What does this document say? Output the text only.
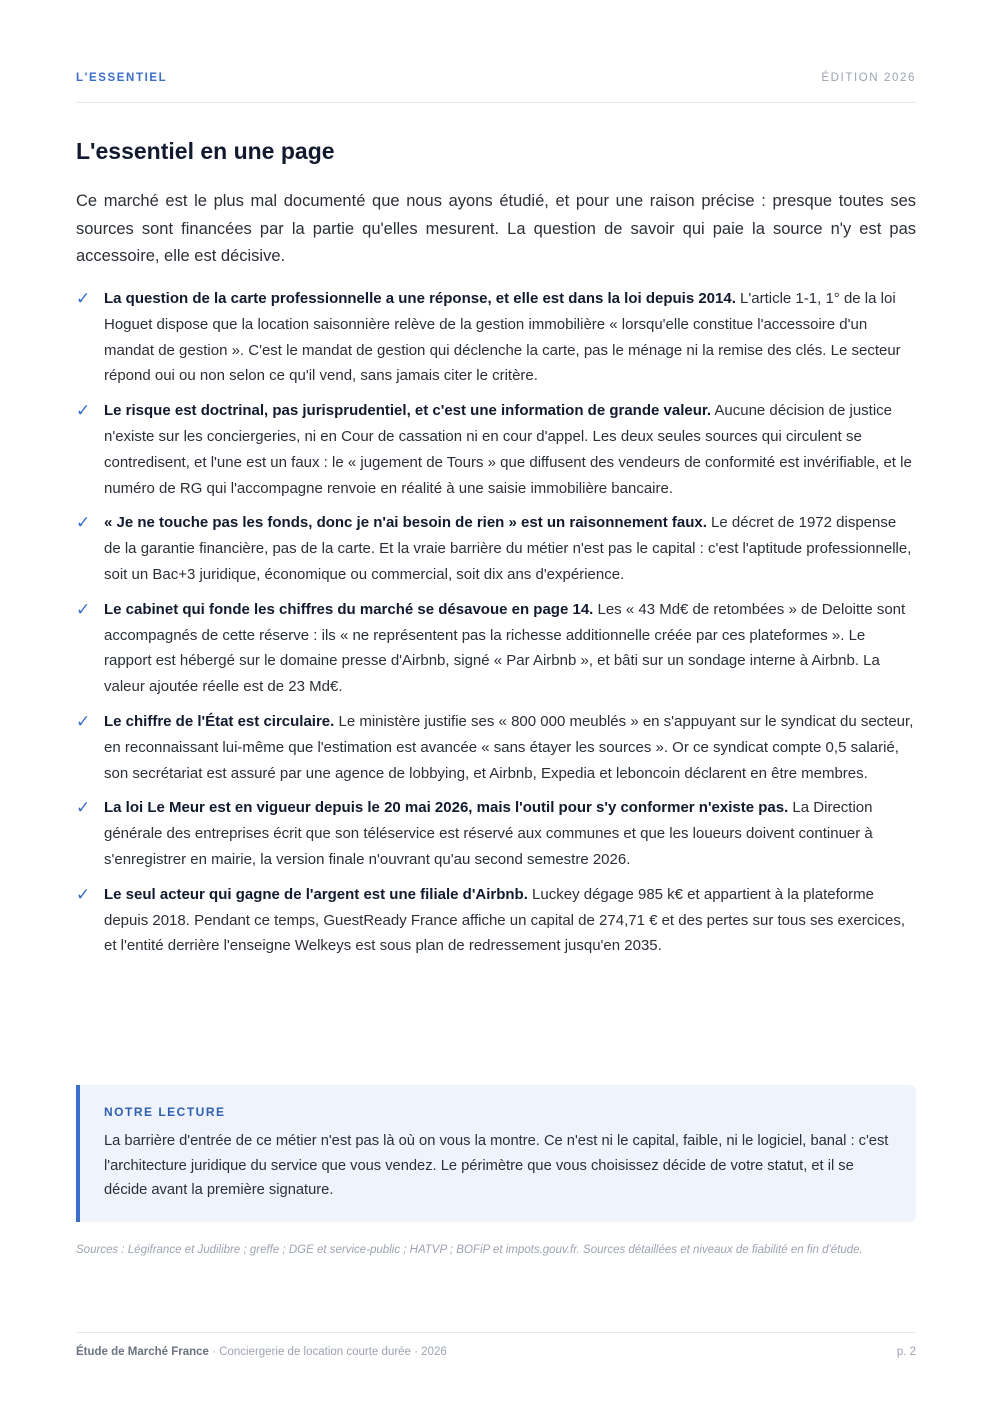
L'ESSENTIEL	ÉDITION 2026
L'essentiel en une page

Ce marché est le plus mal documenté que nous ayons étudié, et pour une raison précise : presque toutes ses sources sont financées par la partie qu'elles mesurent. La question de savoir qui paie la source n'y est pas accessoire, elle est décisive.

✓ La question de la carte professionnelle a une réponse, et elle est dans la loi depuis 2014. L'article 1-1, 1° de la loi Hoguet dispose que la location saisonnière relève de la gestion immobilière « lorsqu'elle constitue l'accessoire d'un mandat de gestion ». C'est le mandat de gestion qui déclenche la carte, pas le ménage ni la remise des clés. Le secteur répond oui ou non selon ce qu'il vend, sans jamais citer le critère.
✓ Le risque est doctrinal, pas jurisprudentiel, et c'est une information de grande valeur. Aucune décision de justice n'existe sur les conciergeries, ni en Cour de cassation ni en cour d'appel. Les deux seules sources qui circulent se contredisent, et l'une est un faux : le « jugement de Tours » que diffusent des vendeurs de conformité est invérifiable, et le numéro de RG qui l'accompagne renvoie en réalité à une saisie immobilière bancaire.
✓ « Je ne touche pas les fonds, donc je n'ai besoin de rien » est un raisonnement faux. Le décret de 1972 dispense de la garantie financière, pas de la carte. Et la vraie barrière du métier n'est pas le capital : c'est l'aptitude professionnelle, soit un Bac+3 juridique, économique ou commercial, soit dix ans d'expérience.
✓ Le cabinet qui fonde les chiffres du marché se désavoue en page 14. Les « 43 Md€ de retombées » de Deloitte sont accompagnés de cette réserve : ils « ne représentent pas la richesse additionnelle créée par ces plateformes ». Le rapport est hébergé sur le domaine presse d'Airbnb, signé « Par Airbnb », et bâti sur un sondage interne à Airbnb. La valeur ajoutée réelle est de 23 Md€.
✓ Le chiffre de l'État est circulaire. Le ministère justifie ses « 800 000 meublés » en s'appuyant sur le syndicat du secteur, en reconnaissant lui-même que l'estimation est avancée « sans étayer les sources ». Or ce syndicat compte 0,5 salarié, son secrétariat est assuré par une agence de lobbying, et Airbnb, Expedia et leboncoin déclarent en être membres.
✓ La loi Le Meur est en vigueur depuis le 20 mai 2026, mais l'outil pour s'y conformer n'existe pas. La Direction générale des entreprises écrit que son téléservice est réservé aux communes et que les loueurs doivent continuer à s'enregistrer en mairie, la version finale n'ouvrant qu'au second semestre 2026.
✓ Le seul acteur qui gagne de l'argent est une filiale d'Airbnb. Luckey dégage 985 k€ et appartient à la plateforme depuis 2018. Pendant ce temps, GuestReady France affiche un capital de 274,71 € et des pertes sur tous ses exercices, et l'entité derrière l'enseigne Welkeys est sous plan de redressement jusqu'en 2035.
NOTRE LECTURE

La barrière d'entrée de ce métier n'est pas là où on vous la montre. Ce n'est ni le capital, faible, ni le logiciel, banal : c'est l'architecture juridique du service que vous vendez. Le périmètre que vous choisissez décide de votre statut, et il se décide avant la première signature.

Sources : Légifrance et Judilibre ; greffe ; DGE et service-public ; HATVP ; BOFiP et impots.gouv.fr. Sources détaillées et niveaux de fiabilité en fin d'étude.

Étude de Marché France · Conciergerie de location courte durée · 2026	p. 2
